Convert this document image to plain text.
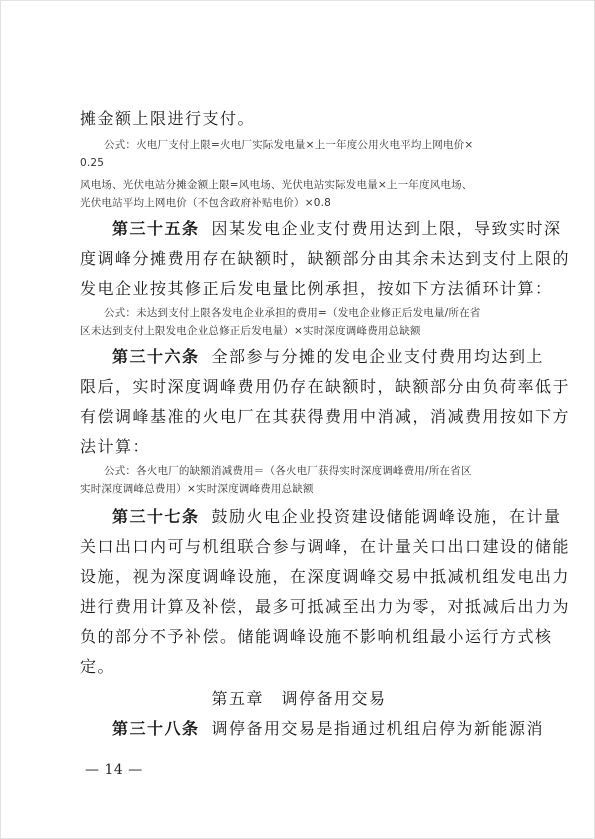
摊金额上限进行支付。
公式：火电厂支付上限=火电厂实际发电量×上一年度公用火电平均上网电价×
0.25
风电场、光伏电站分摊金额上限=风电场、光伏电站实际发电量×上一年度风电场、
光伏电站平均上网电价（不包含政府补贴电价）×0.8
第三十五条 因某发电企业支付费用达到上限，导致实时深
度调峰分摊费用存在缺额时，缺额部分由其余未达到支付上限的
发电企业按其修正后发电量比例承担，按如下方法循环计算：
公式：未达到支付上限各发电企业承担的费用=（发电企业修正后发电量/所在省
区未达到支付上限发电企业总修正后发电量）×实时深度调峰费用总缺额
第三十六条 全部参与分摊的发电企业支付费用均达到上
限后，实时深度调峰费用仍存在缺额时，缺额部分由负荷率低于
有偿调峰基准的火电厂在其获得费用中消减，消减费用按如下方
法计算：
公式：各火电厂的缺额消减费用＝（各火电厂获得实时深度调峰费用/所在省区
实时深度调峰总费用）×实时深度调峰费用总缺额
第三十七条 鼓励火电企业投资建设储能调峰设施，在计量
关口出口内可与机组联合参与调峰，在计量关口出口建设的储能
设施，视为深度调峰设施，在深度调峰交易中抵减机组发电出力
进行费用计算及补偿，最多可抵减至出力为零，对抵减后出力为
负的部分不予补偿。储能调峰设施不影响机组最小运行方式核
定。
第五章　调停备用交易
第三十八条 调停备用交易是指通过机组启停为新能源消
— 14 —
